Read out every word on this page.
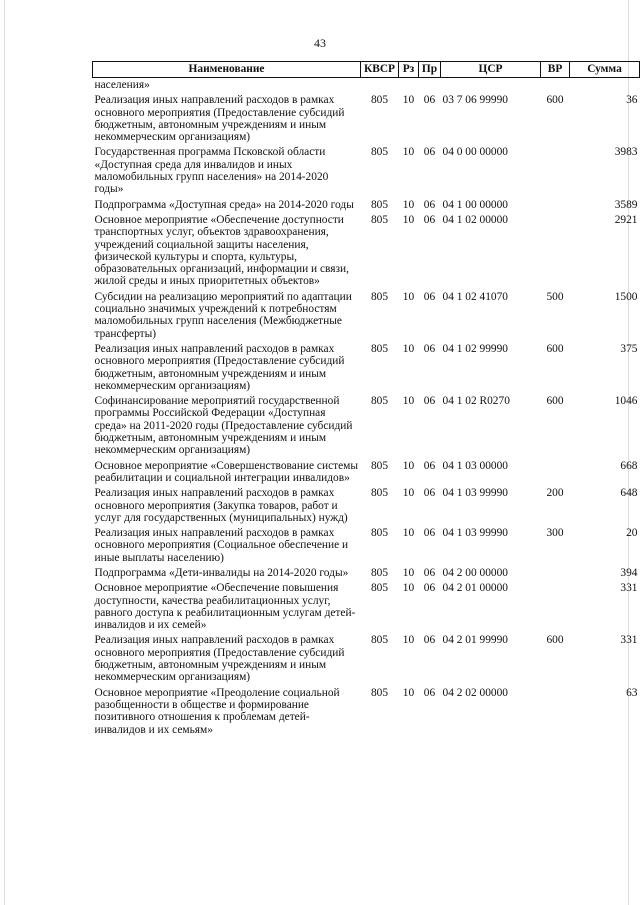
43
Наименование	КВСР	Рз	Пр	ЦСР	ВР	Сумма
населения»						
Реализация иных направлений расходов в рамках основного мероприятия (Предоставление субсидий бюджетным, автономным учреждениям и иным некоммерческим организациям)	805	10	06	03 7 06 99990	600	36
Государственная программа Псковской области «Доступная среда для инвалидов и иных маломобильных групп населения» на 2014-2020 годы»	805	10	06	04 0 00 00000		3983
Подпрограмма «Доступная среда» на 2014-2020 годы	805	10	06	04 1 00 00000		3589
Основное мероприятие «Обеспечение доступности транспортных услуг, объектов здравоохранения, учреждений социальной защиты населения, физической культуры и спорта, культуры, образовательных организаций, информации и связи, жилой среды и иных приоритетных объектов»	805	10	06	04 1 02 00000		2921
Субсидии на реализацию мероприятий по адаптации социально значимых учреждений к потребностям маломобильных групп населения (Межбюджетные трансферты)	805	10	06	04 1 02 41070	500	1500
Реализация иных направлений расходов в рамках основного мероприятия (Предоставление субсидий бюджетным, автономным учреждениям и иным некоммерческим организациям)	805	10	06	04 1 02 99990	600	375
Софинансирование мероприятий государственной программы Российской Федерации «Доступная среда» на 2011-2020 годы (Предоставление субсидий бюджетным, автономным учреждениям и иным некоммерческим организациям)	805	10	06	04 1 02 R0270	600	1046
Основное мероприятие «Совершенствование системы реабилитации и социальной интеграции инвалидов»	805	10	06	04 1 03 00000		668
Реализация иных направлений расходов в рамках основного мероприятия (Закупка товаров, работ и услуг для государственных (муниципальных) нужд)	805	10	06	04 1 03 99990	200	648
Реализация иных направлений расходов в рамках основного мероприятия (Социальное обеспечение и иные выплаты населению)	805	10	06	04 1 03 99990	300	20
Подпрограмма «Дети-инвалиды на 2014-2020 годы»	805	10	06	04 2 00 00000		394
Основное мероприятие «Обеспечение повышения доступности, качества реабилитационных услуг, равного доступа к реабилитационным услугам детей-инвалидов и их семей»	805	10	06	04 2 01 00000		331
Реализация иных направлений расходов в рамках основного мероприятия (Предоставление субсидий бюджетным, автономным учреждениям и иным некоммерческим организациям)	805	10	06	04 2 01 99990	600	331
Основное мероприятие «Преодоление социальной разобщенности в обществе и формирование позитивного отношения к проблемам детей-инвалидов и их семьям»	805	10	06	04 2 02 00000		63
